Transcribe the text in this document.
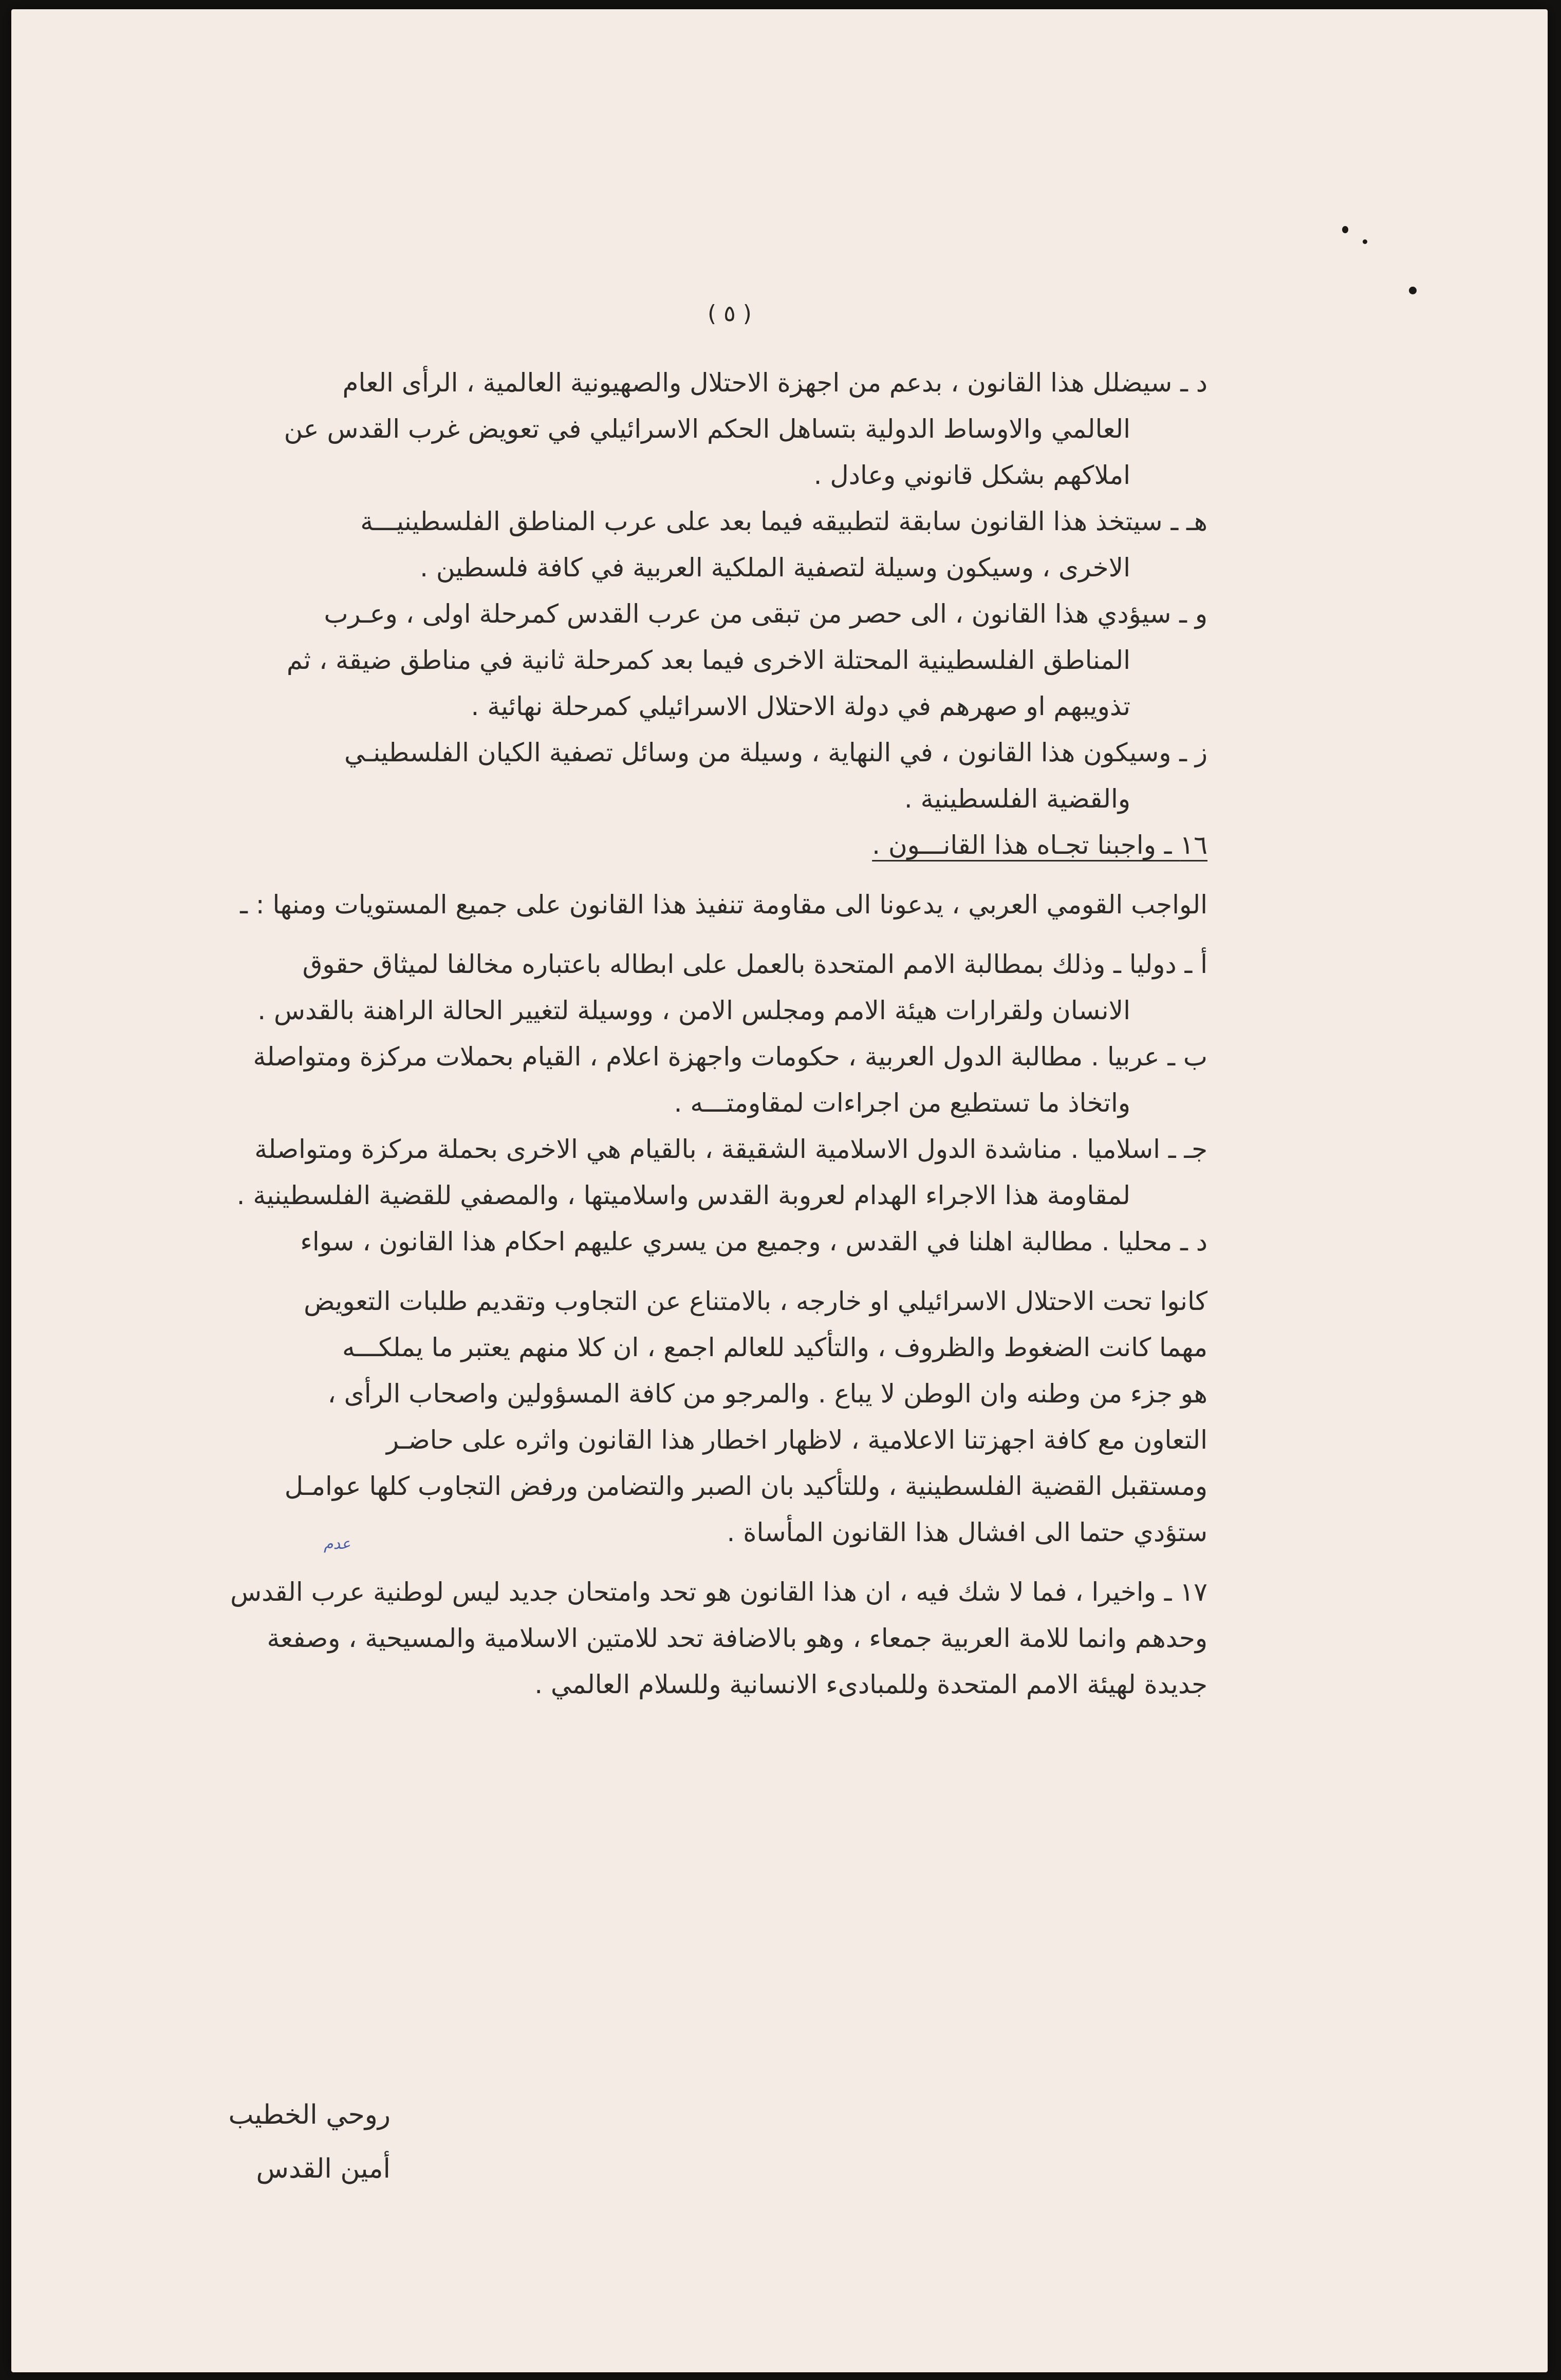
( ٥ )
د ـ سيضلل هذا القانون ، بدعم من اجهزة الاحتلال والصهيونية العالمية ، الرأى العام
العالمي والاوساط الدولية بتساهل الحكم الاسرائيلي في تعويض غرب القدس عن
املاكهم بشكل قانوني وعادل .
هـ ـ سيتخذ هذا القانون سابقة لتطبيقه فيما بعد على عرب المناطق الفلسطينيـــة
الاخرى ، وسيكون وسيلة لتصفية الملكية العربية في كافة فلسطين .
و ـ سيؤدي هذا القانون ، الى حصر من تبقى من عرب القدس كمرحلة اولى ، وعـرب
المناطق الفلسطينية المحتلة الاخرى فيما بعد كمرحلة ثانية في مناطق ضيقة ، ثم
تذويبهم او صهرهم في دولة الاحتلال الاسرائيلي كمرحلة نهائية .
ز ـ وسيكون هذا القانون ، في النهاية ، وسيلة من وسائل تصفية الكيان الفلسطينـي
والقضية الفلسطينية .
١٦ ـ واجبنا تجـاه هذا القانـــون .
الواجب القومي العربي ، يدعونا الى مقاومة تنفيذ هذا القانون على جميع المستويات ومنها : ـ
أ ـ دوليا ـ وذلك بمطالبة الامم المتحدة بالعمل على ابطاله باعتباره مخالفا لميثاق حقوق
الانسان ولقرارات هيئة الامم ومجلس الامن ، ووسيلة لتغيير الحالة الراهنة بالقدس .
ب ـ عربيا . مطالبة الدول العربية ، حكومات واجهزة اعلام ، القيام بحملات مركزة ومتواصلة
واتخاذ ما تستطيع من اجراءات لمقاومتـــه .
جـ ـ اسلاميا . مناشدة الدول الاسلامية الشقيقة ، بالقيام هي الاخرى بحملة مركزة ومتواصلة
لمقاومة هذا الاجراء الهدام لعروبة القدس واسلاميتها ، والمصفي للقضية الفلسطينية .
د ـ محليا . مطالبة اهلنا في القدس ، وجميع من يسري عليهم احكام هذا القانون ، سواء
كانوا تحت الاحتلال الاسرائيلي او خارجه ، بالامتناع عن التجاوب وتقديم طلبات التعويض
مهما كانت الضغوط والظروف ، والتأكيد للعالم اجمع ، ان كلا منهم يعتبر ما يملكـــه
هو جزء من وطنه وان الوطن لا يباع . والمرجو من كافة المسؤولين واصحاب الرأى ،
التعاون مع كافة اجهزتنا الاعلامية ، لاظهار اخطار هذا القانون واثره على حاضـر
ومستقبل القضية الفلسطينية ، وللتأكيد بان الصبر والتضامن ورفض التجاوب كلها عوامـل
ستؤدي حتما الى افشال هذا القانون المأساة .
١٧ ـ واخيرا ، فما لا شك فيه ، ان هذا القانون هو تحد وامتحان جديد ليس لوطنية عرب القدس
وحدهم وانما للامة العربية جمعاء ، وهو بالاضافة تحد للامتين الاسلامية والمسيحية ، وصفعة
جديدة لهيئة الامم المتحدة وللمبادىء الانسانية وللسلام العالمي .
عدم
روحي الخطيب
أمين القدس
